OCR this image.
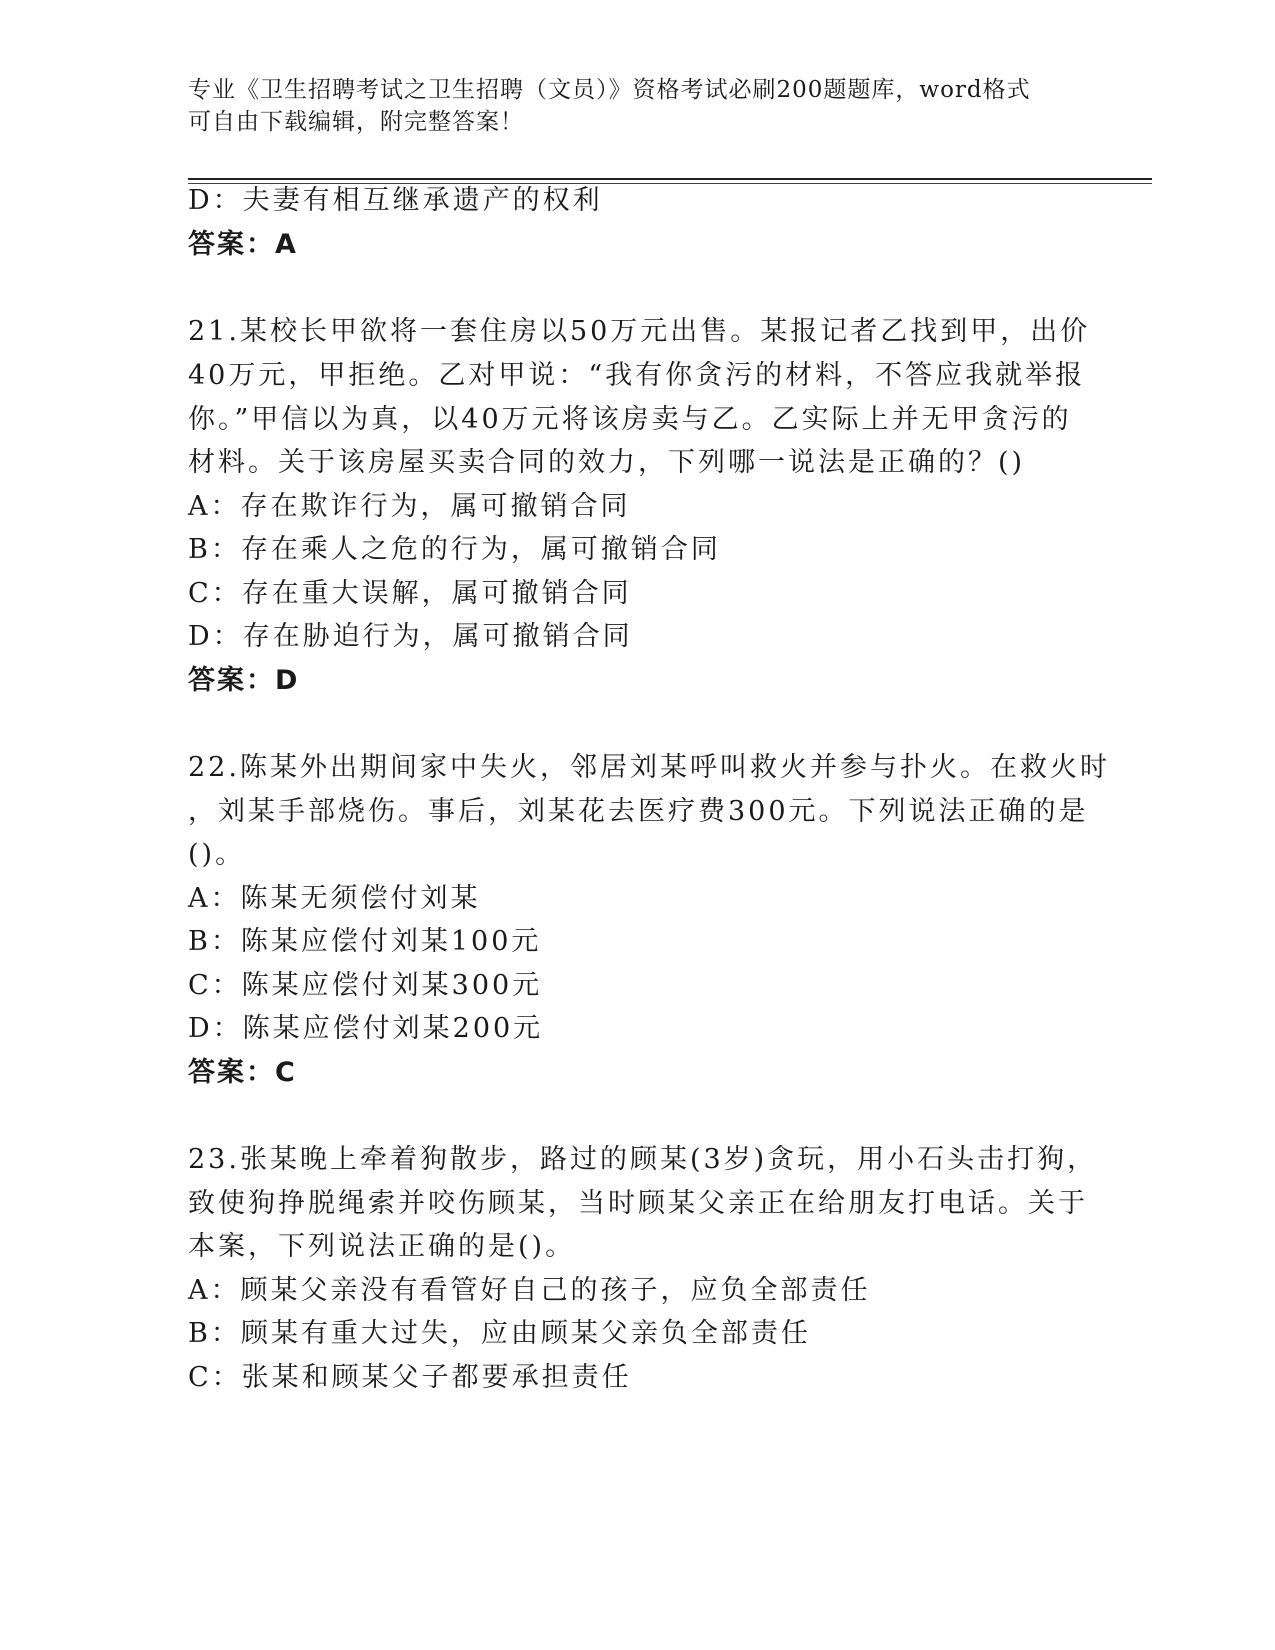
专业《卫生招聘考试之卫生招聘（文员）》资格考试必刷200题题库，word格式
可自由下载编辑，附完整答案！
D：夫妻有相互继承遗产的权利
答案：A
21.某校长甲欲将一套住房以50万元出售。某报记者乙找到甲，出价
40万元，甲拒绝。乙对甲说：“我有你贪污的材料，不答应我就举报
你。”甲信以为真，以40万元将该房卖与乙。乙实际上并无甲贪污的
材料。关于该房屋买卖合同的效力，下列哪一说法是正确的？()
A：存在欺诈行为，属可撤销合同
B：存在乘人之危的行为，属可撤销合同
C：存在重大误解，属可撤销合同
D：存在胁迫行为，属可撤销合同
答案：D
22.陈某外出期间家中失火，邻居刘某呼叫救火并参与扑火。在救火时
，刘某手部烧伤。事后，刘某花去医疗费300元。下列说法正确的是
()。
A：陈某无须偿付刘某
B：陈某应偿付刘某100元
C：陈某应偿付刘某300元
D：陈某应偿付刘某200元
答案：C
23.张某晚上牵着狗散步，路过的顾某(3岁)贪玩，用小石头击打狗，
致使狗挣脱绳索并咬伤顾某，当时顾某父亲正在给朋友打电话。关于
本案，下列说法正确的是()。
A：顾某父亲没有看管好自己的孩子，应负全部责任
B：顾某有重大过失，应由顾某父亲负全部责任
C：张某和顾某父子都要承担责任
